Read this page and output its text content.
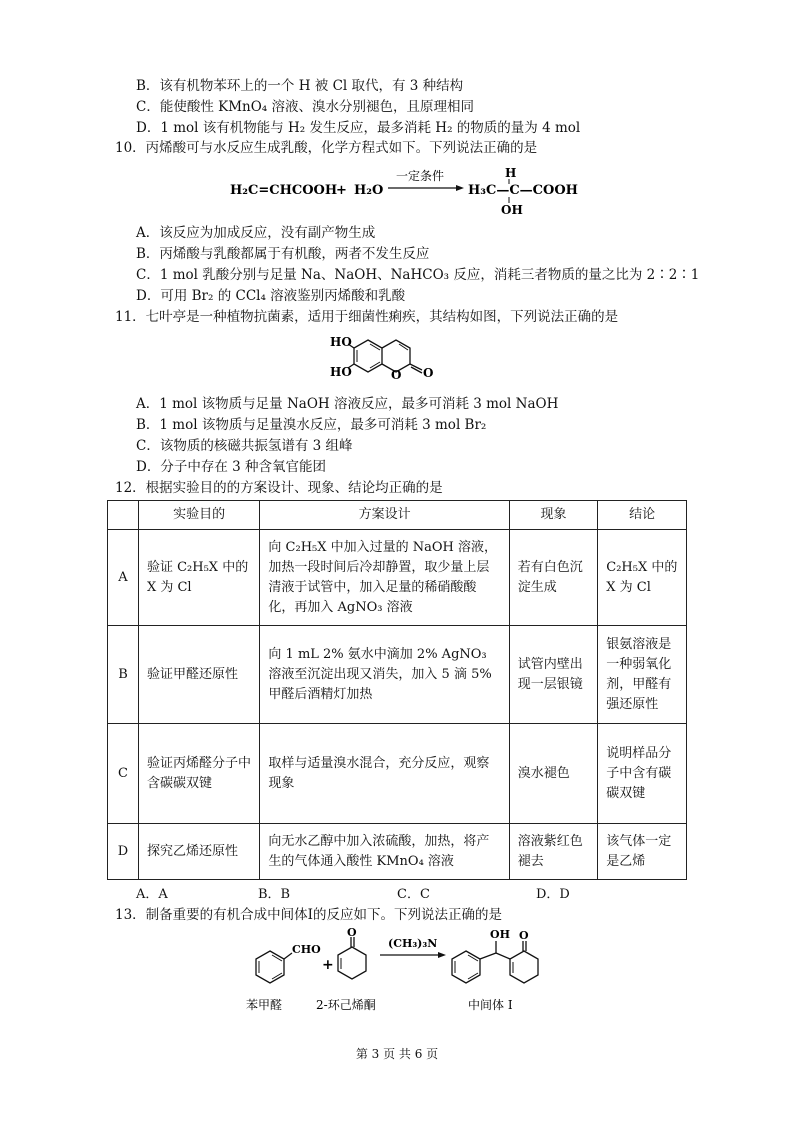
B．该有机物苯环上的一个 H 被 Cl 取代，有 3 种结构
C．能使酸性 KMnO₄ 溶液、溴水分别褪色，且原理相同
D．1 mol 该有机物能与 H₂ 发生反应，最多消耗 H₂ 的物质的量为 4 mol
10．丙烯酸可与水反应生成乳酸，化学方程式如下。下列说法正确的是
H₂C=CHCOOH
+ H₂O
一定条件
H₃C—C—COOH
H
OH
A．该反应为加成反应，没有副产物生成
B．丙烯酸与乳酸都属于有机酸，两者不发生反应
C．1 mol 乳酸分别与足量 Na、NaOH、NaHCO₃ 反应，消耗三者物质的量之比为 2∶2∶1
D．可用 Br₂ 的 CCl₄ 溶液鉴别丙烯酸和乳酸
11．七叶亭是一种植物抗菌素，适用于细菌性痢疾，其结构如图，下列说法正确的是
HO
HO	O O
A．1 mol 该物质与足量 NaOH 溶液反应，最多可消耗 3 mol NaOH
B．1 mol 该物质与足量溴水反应，最多可消耗 3 mol Br₂
C．该物质的核磁共振氢谱有 3 组峰
D．分子中存在 3 种含氧官能团
12．根据实验目的的方案设计、现象、结论均正确的是
	实验目的	方案设计	现象	结论
A	验证 C₂H₅X 中的 X 为 Cl	向 C₂H₅X 中加入过量的 NaOH 溶液，加热一段时间后冷却静置，取少量上层清液于试管中，加入足量的稀硝酸酸化，再加入 AgNO₃ 溶液	若有白色沉淀生成	C₂H₅X 中的 X 为 Cl
B	验证甲醛还原性	向 1 mL 2% 氨水中滴加 2% AgNO₃ 溶液至沉淀出现又消失，加入 5 滴 5% 甲醛后酒精灯加热	试管内壁出现一层银镜	银氨溶液是一种弱氧化剂，甲醛有强还原性
C	验证丙烯醛分子中含碳碳双键	取样与适量溴水混合，充分反应，观察现象	溴水褪色	说明样品分子中含有碳碳双键
D	探究乙烯还原性	向无水乙醇中加入浓硫酸，加热，将产生的气体通入酸性 KMnO₄ 溶液	溶液紫红色褪去	该气体一定是乙烯
A．A	B．B	C．C	D．D
13．制备重要的有机合成中间体Ⅰ的反应如下。下列说法正确的是
CHO
+
O
(CH₃)₃N
OH O
苯甲醛	2-环己烯酮	中间体 I
第 3 页 共 6 页
